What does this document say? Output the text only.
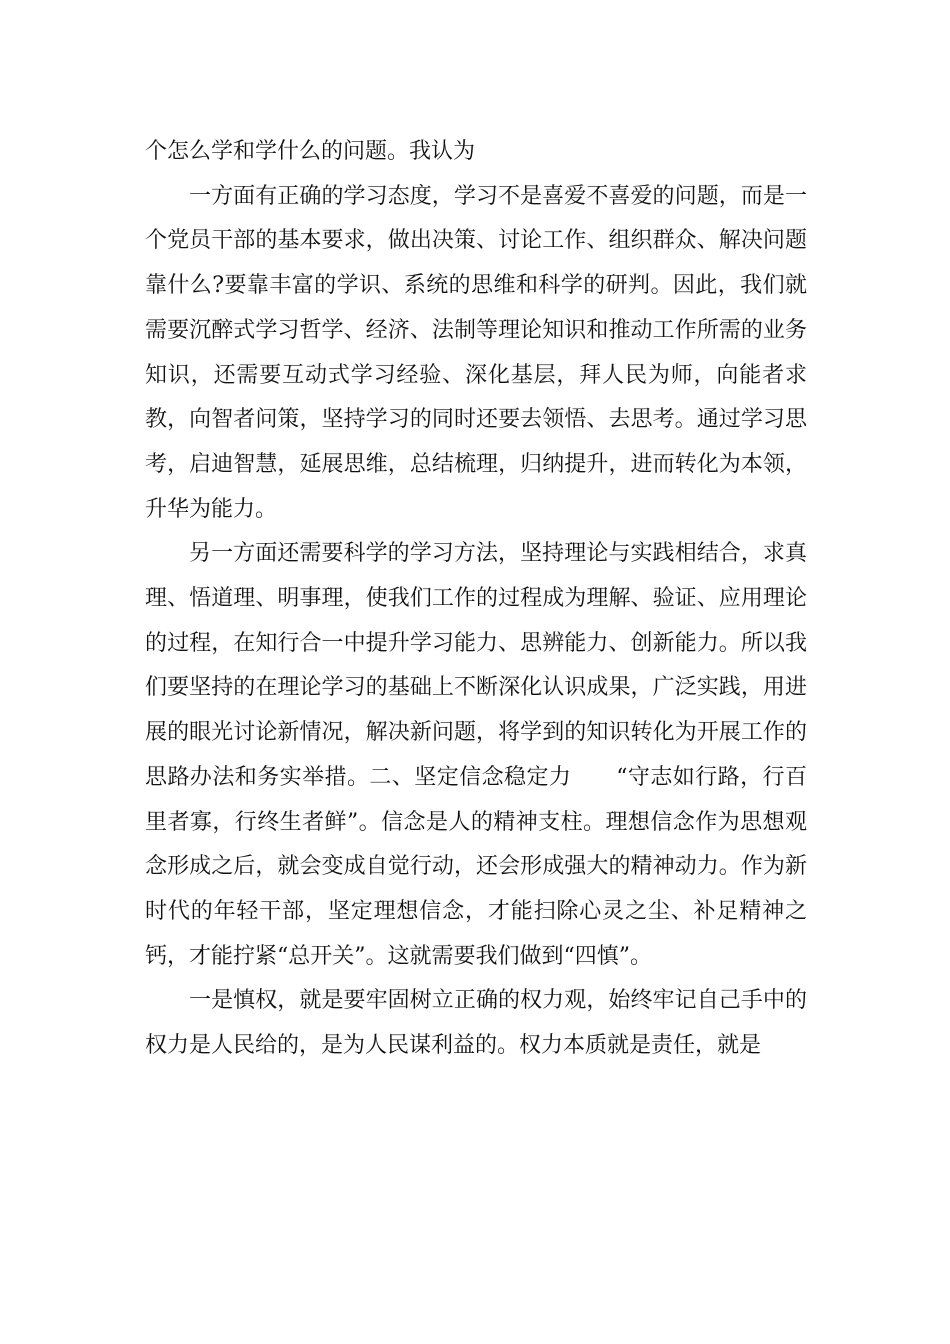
个怎么学和学什么的问题。我认为

一方面有正确的学习态度，学习不是喜爱不喜爱的问题，而是一个党员干部的基本要求，做出决策、讨论工作、组织群众、解决问题靠什么?要靠丰富的学识、系统的思维和科学的研判。因此，我们就需要沉醉式学习哲学、经济、法制等理论知识和推动工作所需的业务知识，还需要互动式学习经验、深化基层，拜人民为师，向能者求教，向智者问策，坚持学习的同时还要去领悟、去思考。通过学习思考，启迪智慧，延展思维，总结梳理，归纳提升，进而转化为本领，升华为能力。

另一方面还需要科学的学习方法，坚持理论与实践相结合，求真理、悟道理、明事理，使我们工作的过程成为理解、验证、应用理论的过程，在知行合一中提升学习能力、思辨能力、创新能力。所以我们要坚持的在理论学习的基础上不断深化认识成果，广泛实践，用进展的眼光讨论新情况，解决新问题，将学到的知识转化为开展工作的思路办法和务实举措。二、坚定信念稳定力　　“守志如行路，行百里者寡，行终生者鲜”。信念是人的精神支柱。理想信念作为思想观念形成之后，就会变成自觉行动，还会形成强大的精神动力。作为新时代的年轻干部，坚定理想信念，才能扫除心灵之尘、补足精神之钙，才能拧紧“总开关”。这就需要我们做到“四慎”。

一是慎权，就是要牢固树立正确的权力观，始终牢记自己手中的权力是人民给的，是为人民谋利益的。权力本质就是责任，就是
